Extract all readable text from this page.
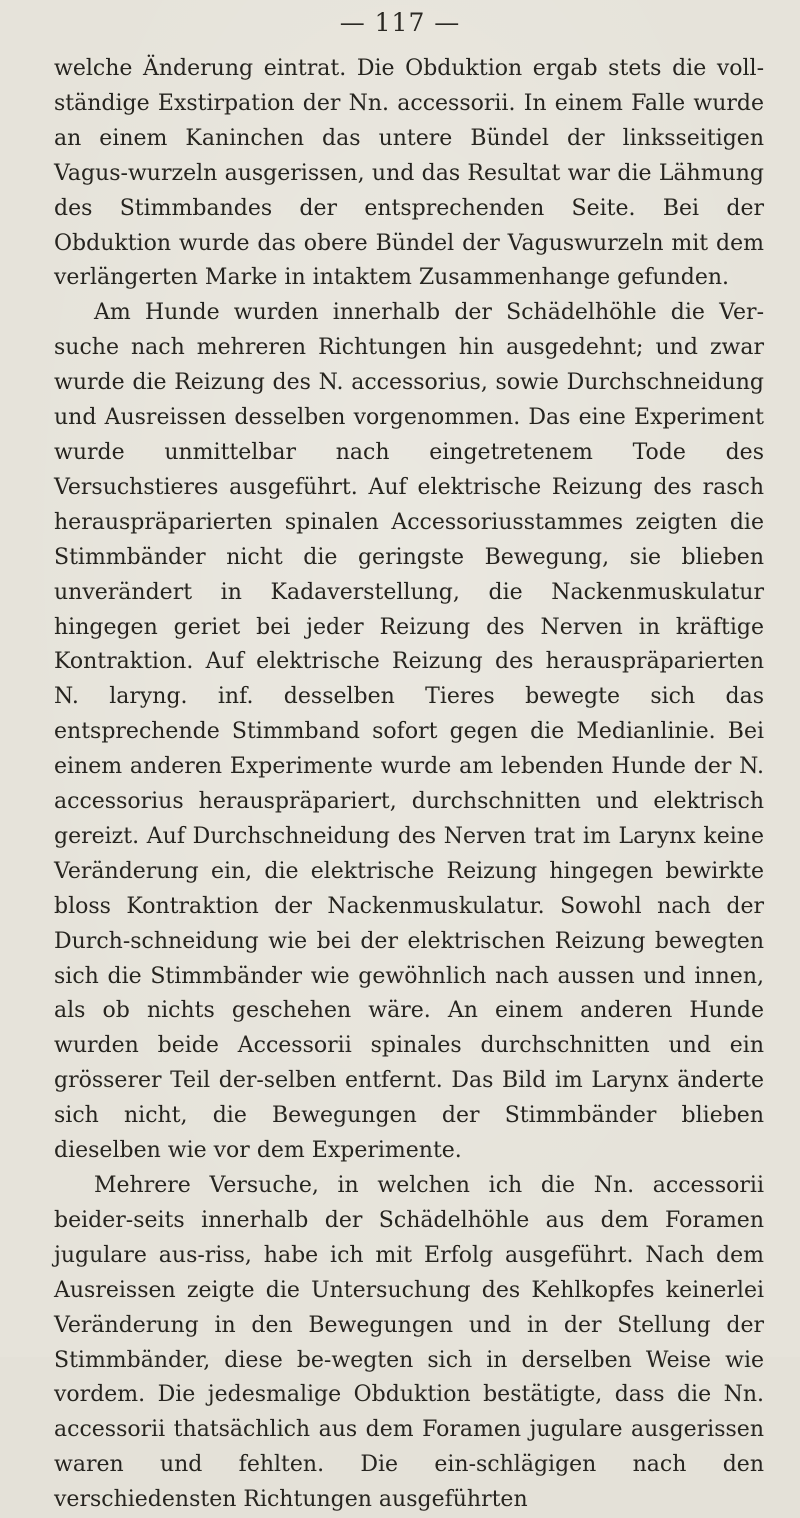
— 117 —

welche Änderung eintrat. Die Obduktion ergab stets die voll-ständige Exstirpation der Nn. accessorii. In einem Falle wurde an einem Kaninchen das untere Bündel der linksseitigen Vagus-wurzeln ausgerissen, und das Resultat war die Lähmung des Stimmbandes der entsprechenden Seite. Bei der Obduktion wurde das obere Bündel der Vaguswurzeln mit dem verlängerten Marke in intaktem Zusammenhange gefunden.

Am Hunde wurden innerhalb der Schädelhöhle die Ver-suche nach mehreren Richtungen hin ausgedehnt; und zwar wurde die Reizung des N. accessorius, sowie Durchschneidung und Ausreissen desselben vorgenommen. Das eine Experiment wurde unmittelbar nach eingetretenem Tode des Versuchstieres ausgeführt. Auf elektrische Reizung des rasch herauspräparierten spinalen Accessoriusstammes zeigten die Stimmbänder nicht die geringste Bewegung, sie blieben unverändert in Kadaverstellung, die Nackenmuskulatur hingegen geriet bei jeder Reizung des Nerven in kräftige Kontraktion. Auf elektrische Reizung des herauspräparierten N. laryng. inf. desselben Tieres bewegte sich das entsprechende Stimmband sofort gegen die Medianlinie. Bei einem anderen Experimente wurde am lebenden Hunde der N. accessorius herauspräpariert, durchschnitten und elektrisch gereizt. Auf Durchschneidung des Nerven trat im Larynx keine Veränderung ein, die elektrische Reizung hingegen bewirkte bloss Kontraktion der Nackenmuskulatur. Sowohl nach der Durch-schneidung wie bei der elektrischen Reizung bewegten sich die Stimmbänder wie gewöhnlich nach aussen und innen, als ob nichts geschehen wäre. An einem anderen Hunde wurden beide Accessorii spinales durchschnitten und ein grösserer Teil der-selben entfernt. Das Bild im Larynx änderte sich nicht, die Bewegungen der Stimmbänder blieben dieselben wie vor dem Experimente.

Mehrere Versuche, in welchen ich die Nn. accessorii beider-seits innerhalb der Schädelhöhle aus dem Foramen jugulare aus-riss, habe ich mit Erfolg ausgeführt. Nach dem Ausreissen zeigte die Untersuchung des Kehlkopfes keinerlei Veränderung in den Bewegungen und in der Stellung der Stimmbänder, diese be-wegten sich in derselben Weise wie vordem. Die jedesmalige Obduktion bestätigte, dass die Nn. accessorii thatsächlich aus dem Foramen jugulare ausgerissen waren und fehlten. Die ein-schlägigen nach den verschiedensten Richtungen ausgeführten
